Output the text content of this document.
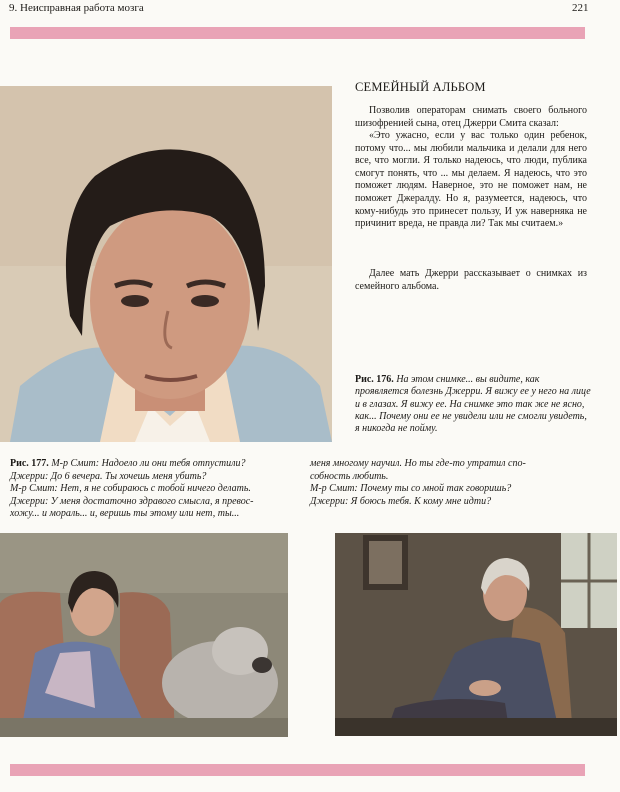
9. Неисправная работа мозга	221
СЕМЕЙНЫЙ АЛЬБОМ

Позволив операторам снимать своего больного шизофренией сына, отец Джерри Смита сказал:

«Это ужасно, если у вас только один ребенок, потому что... мы любили мальчика и делали для него все, что могли. Я только надеюсь, что люди, публика смогут понять, что ... мы делаем. Я надеюсь, что это поможет людям. Наверное, это не поможет нам, не поможет Джералду. Но я, разумеется, надеюсь, что кому-нибудь это принесет пользу, И уж наверняка не причинит вреда, не правда ли? Так мы считаем.»

Далее мать Джерри рассказывает о снимках из семейного альбома.

Рис. 176. На этом снимке... вы видите, как проявляется болезнь Джерри. Я вижу ее у него на лице и в глазах. Я вижу ее. На снимке это так же не ясно, как... Почему они ее не увидели или не смогли увидеть, я никогда не пойму.

Рис. 177. М-р Смит: Надоело ли они тебя отпустили?
Джерри: До 6 вечера. Ты хочешь меня убить?
М-р Смит: Нет, я не собираюсь с тобой ничего делать.
Джерри: У меня достаточно здравого смысла, я превос-
хожу... и мораль... и, веришь ты этому или нет, ты...
меня многому научил. Но ты где-то утратил спо-
собность любить.
М-р Смит: Почему ты со мной так говоришь?
Джерри: Я боюсь тебя. К кому мне идти?
